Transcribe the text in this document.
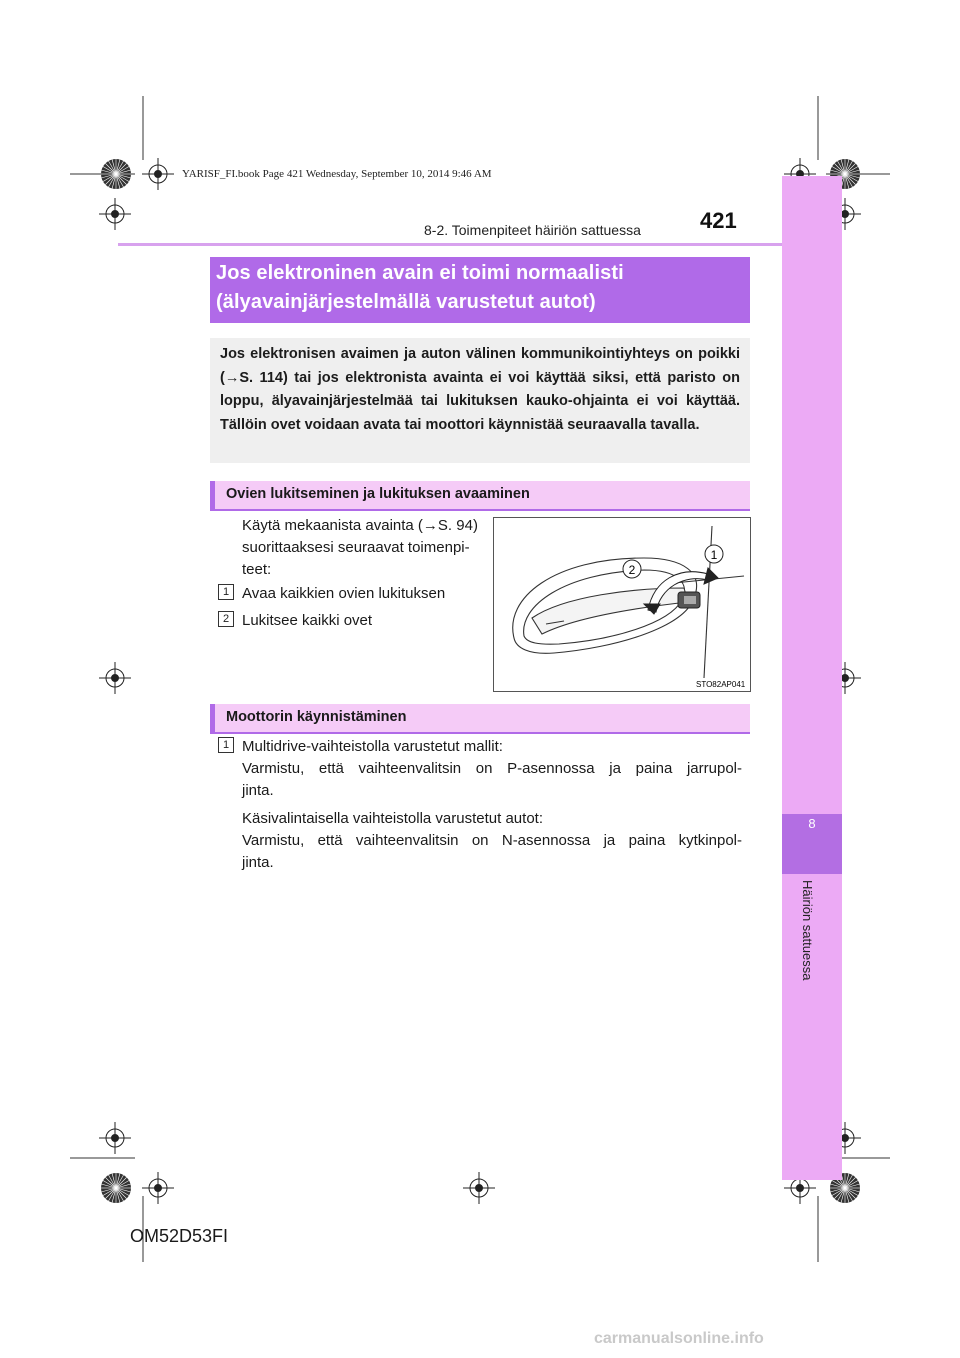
YARISF_FI.book Page 421 Wednesday, September 10, 2014 9:46 AM
8
Häiriön sattuessa
8-2. Toimenpiteet häiriön sattuessa	421
Jos elektroninen avain ei toimi normaalisti
(älyavainjärjestelmällä varustetut autot)
Jos elektronisen avaimen ja auton välinen kommunikointiyhteys on poikki (→S. 114) tai jos elektronista avainta ei voi käyttää siksi, että paristo on loppu, älyavainjärjestelmää tai lukituksen kauko-ohjainta ei voi käyttää. Tällöin ovet voidaan avata tai moottori käynnistää seuraavalla tavalla.
Ovien lukitseminen ja lukituksen avaaminen
Käytä mekaanista avainta (→S. 94)
suorittaaksesi seuraavat toimenpi-
teet:
1 Avaa kaikkien ovien lukituksen
2 Lukitsee kaikki ovet
2
1
STO82AP041
Moottorin käynnistäminen
1 Multidrive-vaihteistolla varustetut mallit:
Varmistu, että vaihteenvalitsin on P-asennossa ja paina jarrupol-
jinta.
Käsivalintaisella vaihteistolla varustetut autot:
Varmistu, että vaihteenvalitsin on N-asennossa ja paina kytkinpol-
jinta.
OM52D53FI
carmanualsonline.info
